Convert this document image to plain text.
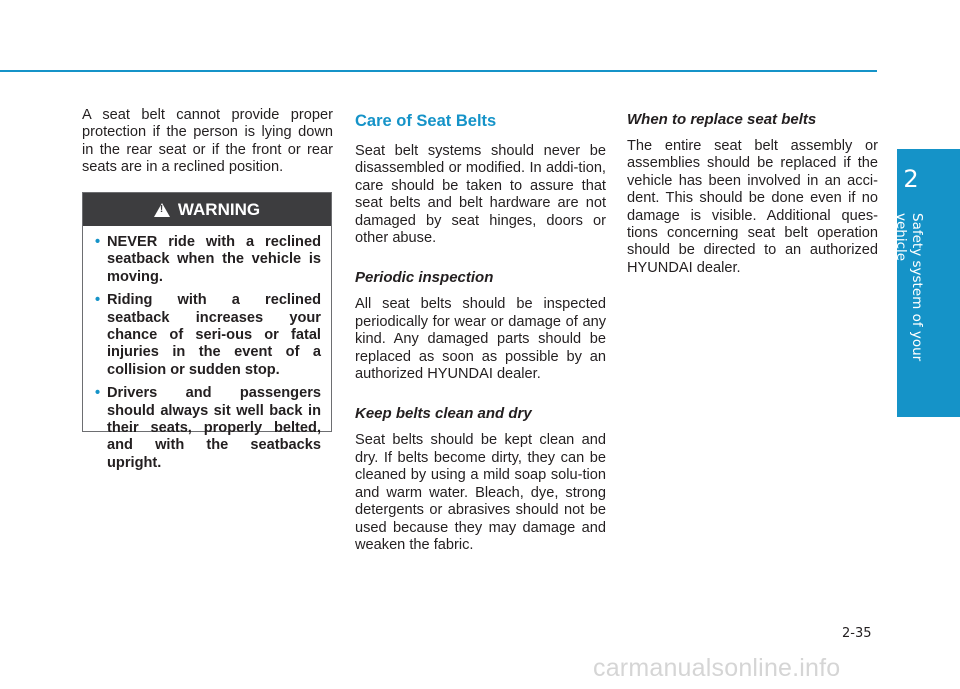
2
Safety system of your vehicle

A seat belt cannot provide proper protection if the person is lying down in the rear seat or if the front or rear seats are in a reclined position.

!
WARNING
• NEVER ride with a reclined seatback when the vehicle is moving.
• Riding with a reclined seatback increases your chance of seri-ous or fatal injuries in the event of a collision or sudden stop.
• Drivers and passengers should always sit well back in their seats, properly belted, and with the seatbacks upright.
Care of Seat Belts

Seat belt systems should never be disassembled or modified. In addi-tion, care should be taken to assure that seat belts and belt hardware are not damaged by seat hinges, doors or other abuse.

Periodic inspection

All seat belts should be inspected periodically for wear or damage of any kind. Any damaged parts should be replaced as soon as possible by an authorized HYUNDAI dealer.

Keep belts clean and dry

Seat belts should be kept clean and dry. If belts become dirty, they can be cleaned by using a mild soap solu-tion and warm water. Bleach, dye, strong detergents or abrasives should not be used because they may damage and weaken the fabric.

When to replace seat belts

The entire seat belt assembly or assemblies should be replaced if the vehicle has been involved in an acci-dent. This should be done even if no damage is visible. Additional ques-tions concerning seat belt operation should be directed to an authorized HYUNDAI dealer.

2-35
carmanualsonline.info
